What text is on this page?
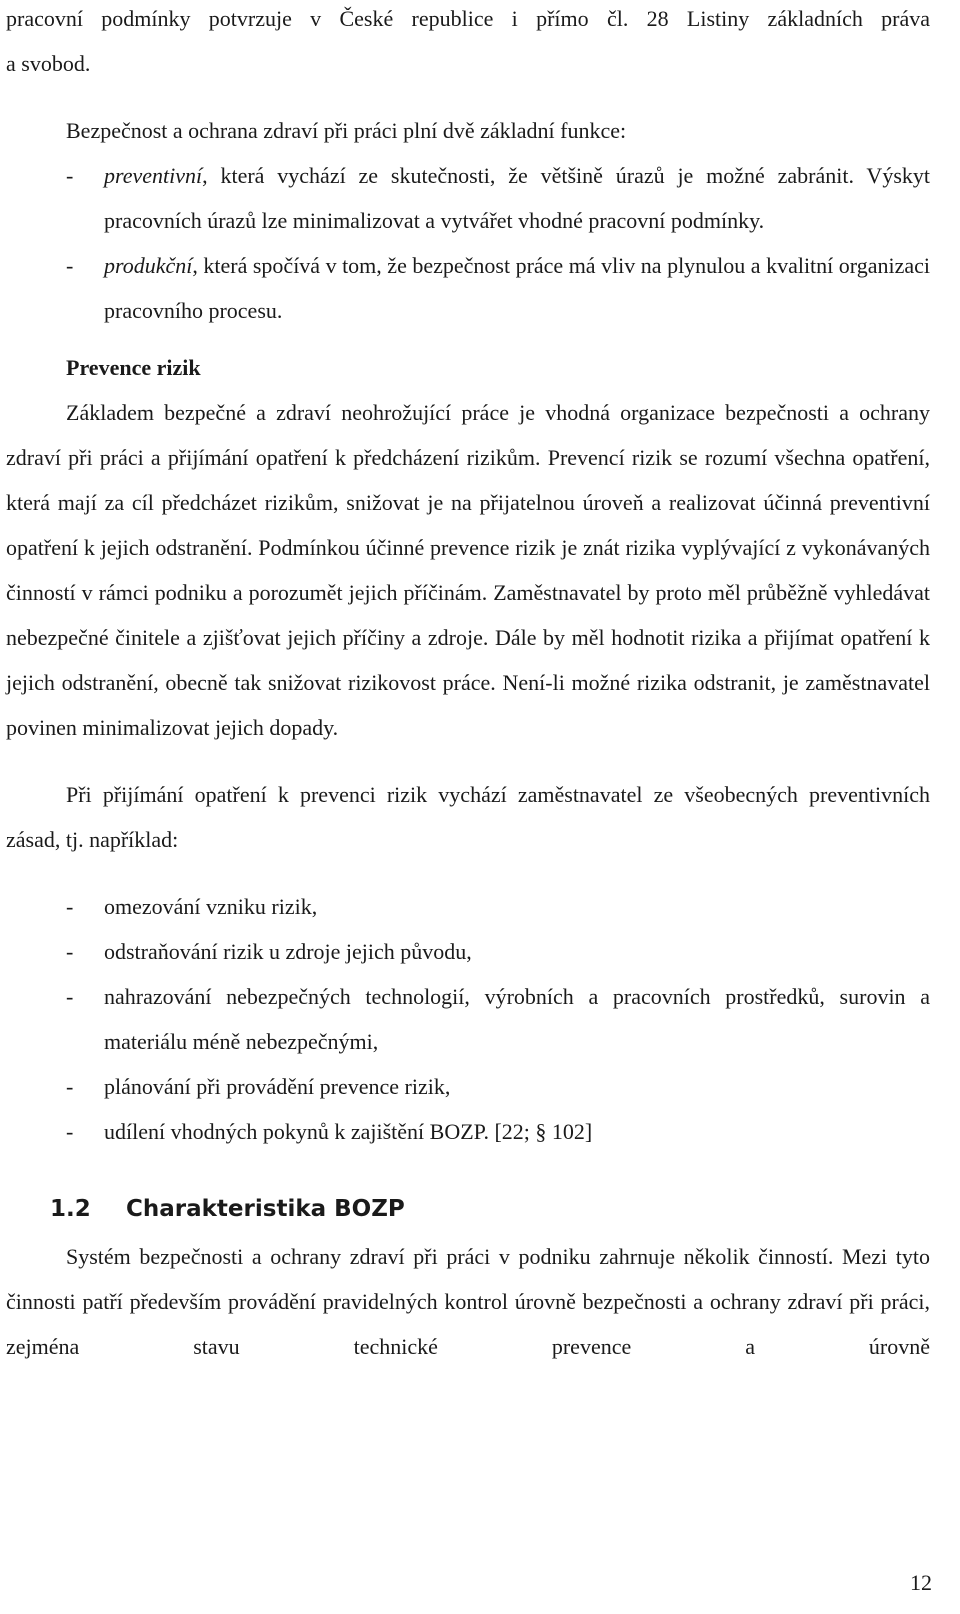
pracovní podmínky potvrzuje v České republice i přímo čl. 28 Listiny základních práva

a svobod.

Bezpečnost a ochrana zdraví při práci plní dvě základní funkce:

- preventivní, která vychází ze skutečnosti, že většině úrazů je možné zabránit. Výskyt pracovních úrazů lze minimalizovat a vytvářet vhodné pracovní podmínky.
- produkční, která spočívá v tom, že bezpečnost práce má vliv na plynulou a kvalitní organizaci pracovního procesu.

Prevence rizik

Základem bezpečné a zdraví neohrožující práce je vhodná organizace bezpečnosti a ochrany zdraví při práci a přijímání opatření k předcházení rizikům. Prevencí rizik se rozumí všechna opatření, která mají za cíl předcházet rizikům, snižovat je na přijatelnou úroveň a realizovat účinná preventivní opatření k jejich odstranění. Podmínkou účinné prevence rizik je znát rizika vyplývající z vykonávaných činností v rámci podniku a porozumět jejich příčinám. Zaměstnavatel by proto měl průběžně vyhledávat nebezpečné činitele a zjišťovat jejich příčiny a zdroje. Dále by měl hodnotit rizika a přijímat opatření k jejich odstranění, obecně tak snižovat rizikovost práce. Není-li možné rizika odstranit, je zaměstnavatel povinen minimalizovat jejich dopady.

Při přijímání opatření k prevenci rizik vychází zaměstnavatel ze všeobecných preventivních zásad, tj. například:

- omezování vzniku rizik,
- odstraňování rizik u zdroje jejich původu,
- nahrazování nebezpečných technologií, výrobních a pracovních prostředků, surovin a materiálu méně nebezpečnými,
- plánování při provádění prevence rizik,
- udílení vhodných pokynů k zajištění BOZP. [22; § 102]
1.2	Charakteristika BOZP

Systém bezpečnosti a ochrany zdraví při práci v podniku zahrnuje několik činností. Mezi tyto činnosti patří především provádění pravidelných kontrol úrovně bezpečnosti a ochrany zdraví při práci, zejména stavu technické prevence a úrovně

12
